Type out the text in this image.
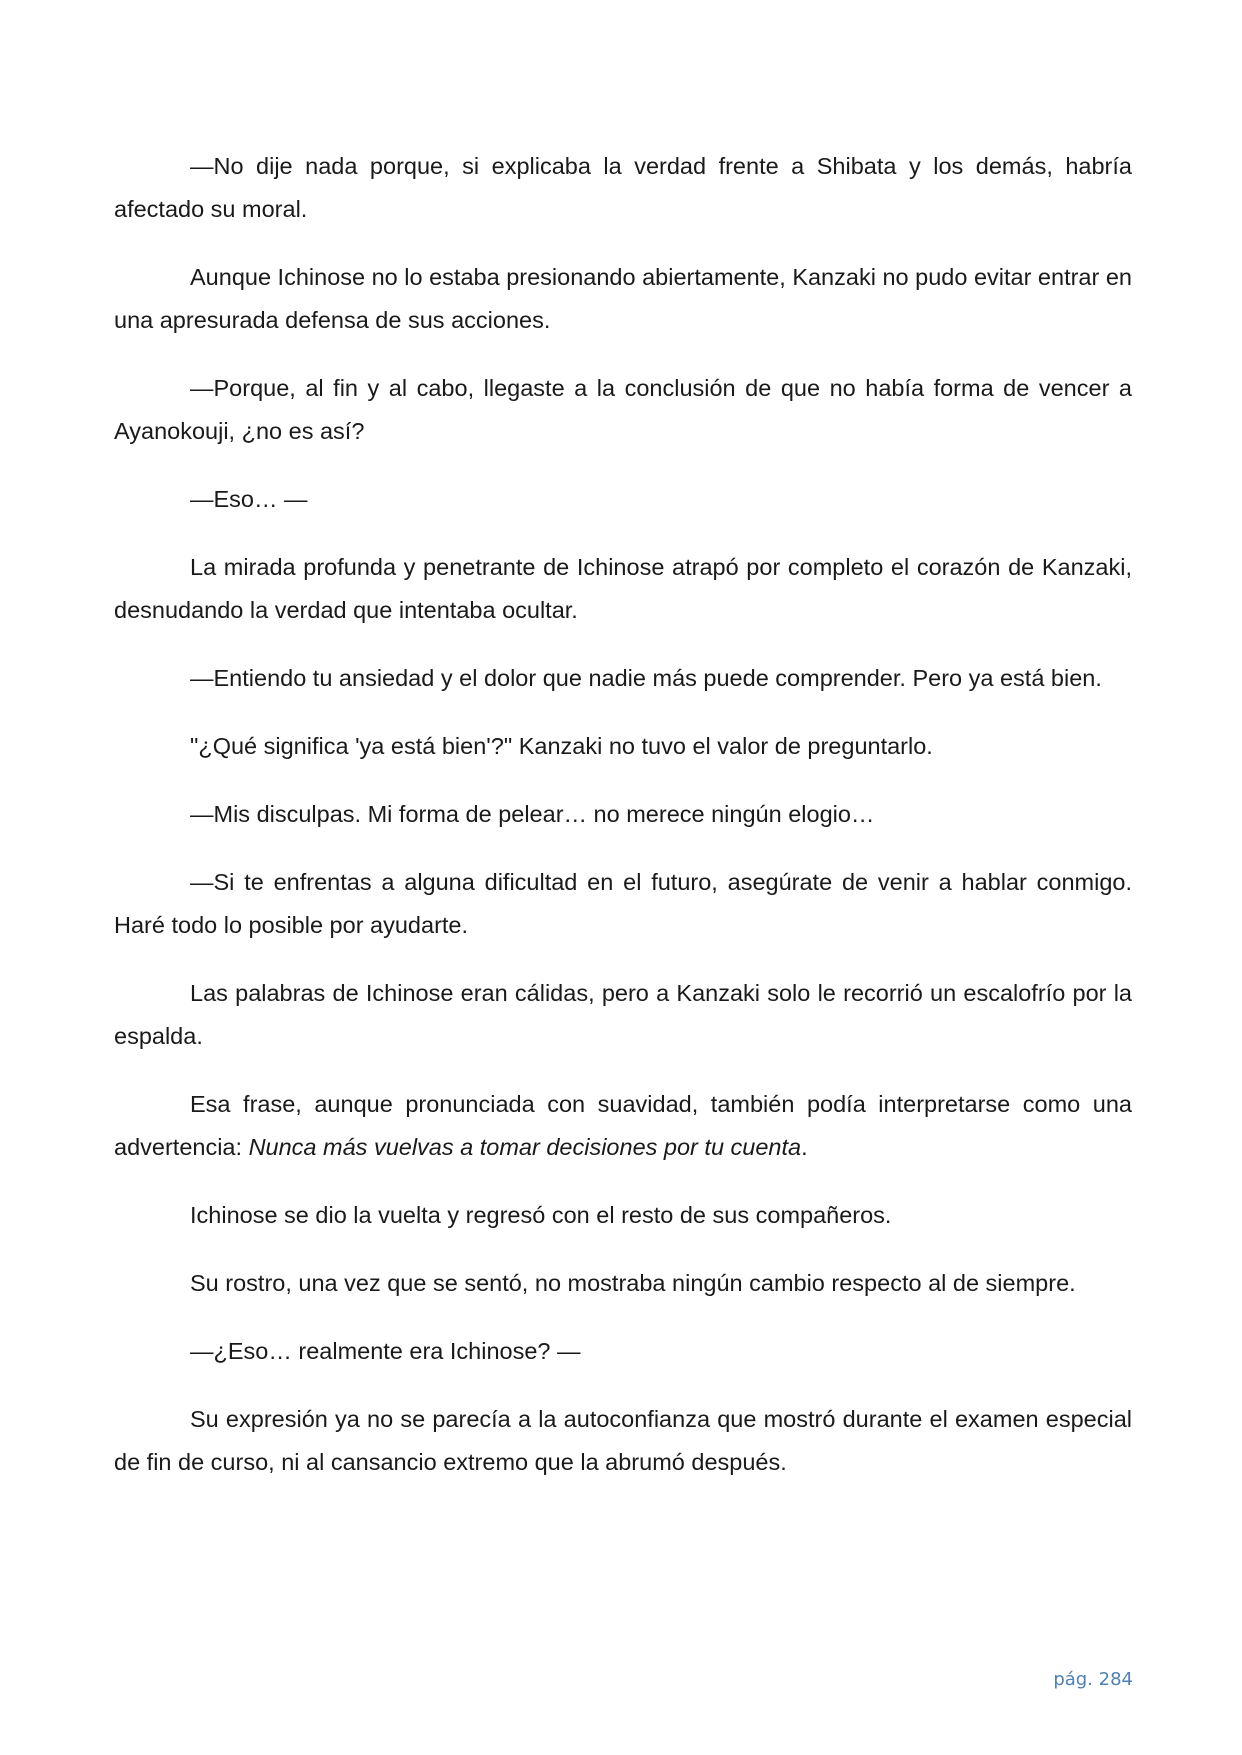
—No dije nada porque, si explicaba la verdad frente a Shibata y los demás, habría afectado su moral.

Aunque Ichinose no lo estaba presionando abiertamente, Kanzaki no pudo evitar entrar en una apresurada defensa de sus acciones.

—Porque, al fin y al cabo, llegaste a la conclusión de que no había forma de vencer a Ayanokouji, ¿no es así?

—Eso… —

La mirada profunda y penetrante de Ichinose atrapó por completo el corazón de Kanzaki, desnudando la verdad que intentaba ocultar.

—Entiendo tu ansiedad y el dolor que nadie más puede comprender. Pero ya está bien.

"¿Qué significa 'ya está bien'?" Kanzaki no tuvo el valor de preguntarlo.

—Mis disculpas. Mi forma de pelear… no merece ningún elogio…

—Si te enfrentas a alguna dificultad en el futuro, asegúrate de venir a hablar conmigo. Haré todo lo posible por ayudarte.

Las palabras de Ichinose eran cálidas, pero a Kanzaki solo le recorrió un escalofrío por la espalda.

Esa frase, aunque pronunciada con suavidad, también podía interpretarse como una advertencia: Nunca más vuelvas a tomar decisiones por tu cuenta.

Ichinose se dio la vuelta y regresó con el resto de sus compañeros.

Su rostro, una vez que se sentó, no mostraba ningún cambio respecto al de siempre.

—¿Eso… realmente era Ichinose? —

Su expresión ya no se parecía a la autoconfianza que mostró durante el examen especial de fin de curso, ni al cansancio extremo que la abrumó después.

pág. 284
